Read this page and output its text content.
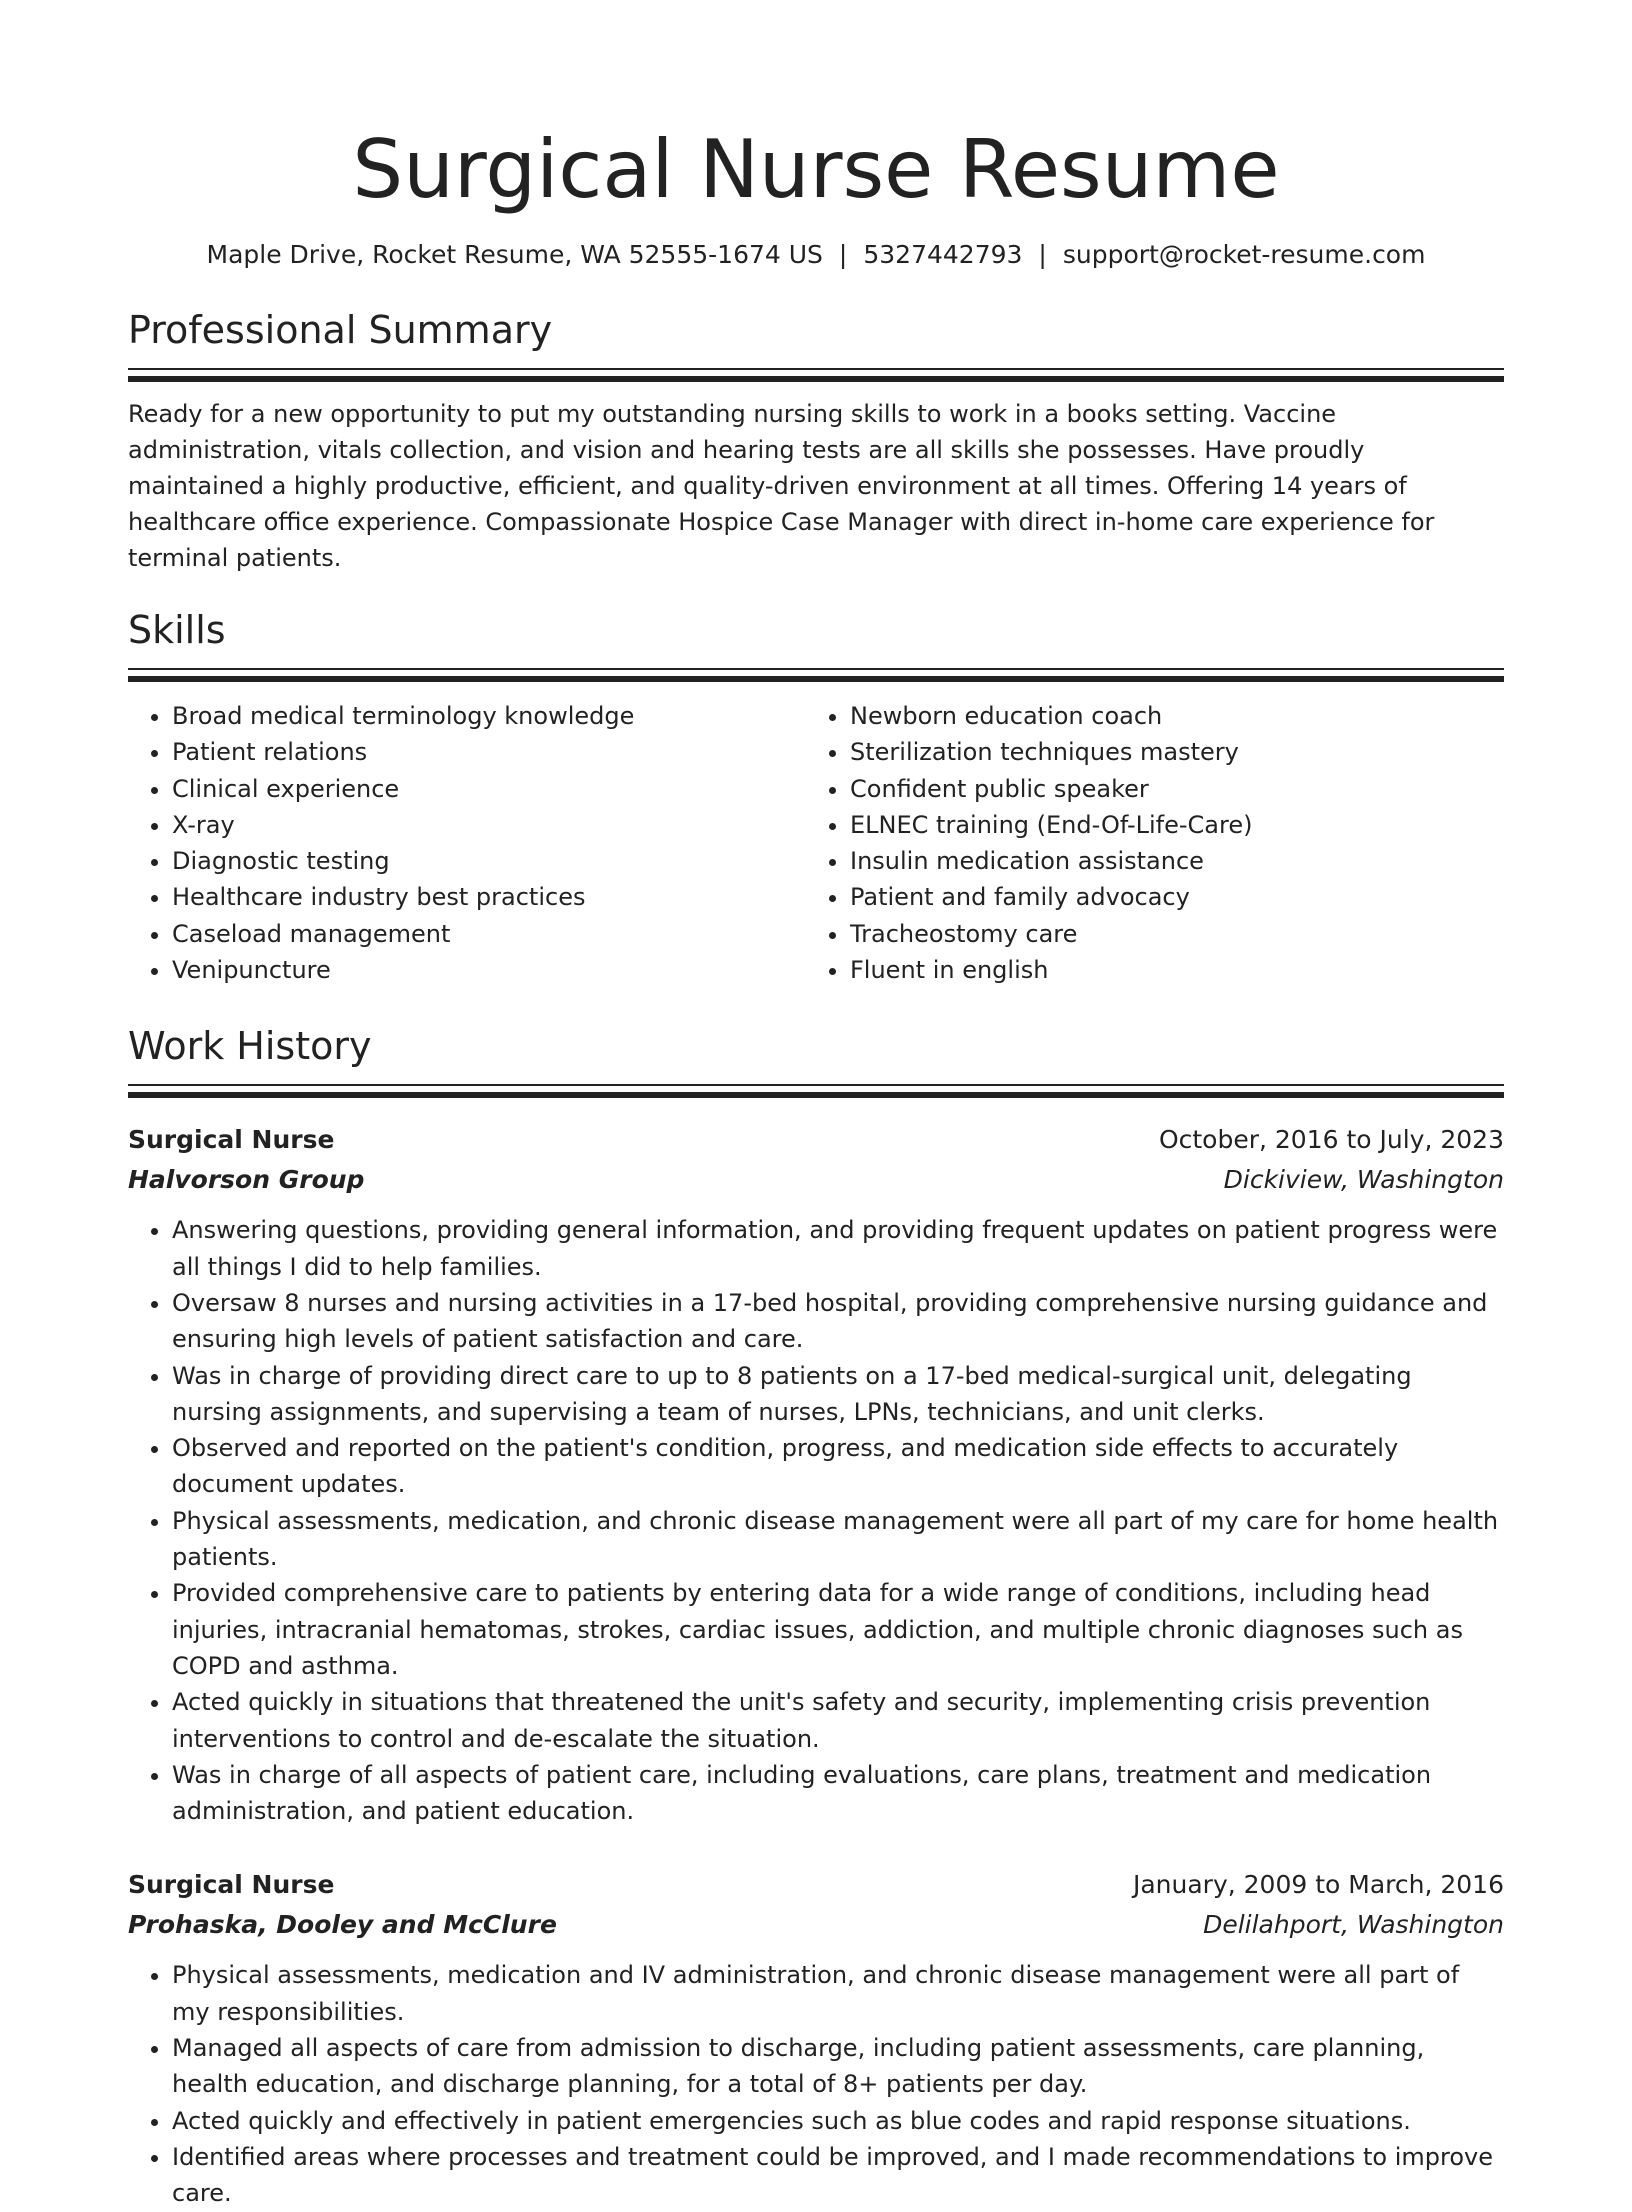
Surgical Nurse Resume
Maple Drive, Rocket Resume, WA 52555-1674 US | 5327442793 | support@rocket-resume.com
Professional Summary

Ready for a new opportunity to put my outstanding nursing skills to work in a books setting. Vaccine administration, vitals collection, and vision and hearing tests are all skills she possesses. Have proudly maintained a highly productive, efficient, and quality-driven environment at all times. Offering 14 years of healthcare office experience. Compassionate Hospice Case Manager with direct in-home care experience for terminal patients.

Skills
• Broad medical terminology knowledge
• Patient relations
• Clinical experience
• X-ray
• Diagnostic testing
• Healthcare industry best practices
• Caseload management
• Venipuncture
• Newborn education coach
• Sterilization techniques mastery
• Confident public speaker
• ELNEC training (End-Of-Life-Care)
• Insulin medication assistance
• Patient and family advocacy
• Tracheostomy care
• Fluent in english
Work History
Surgical Nurse	October, 2016 to July, 2023
Halvorson Group	Dickiview, Washington
• Answering questions, providing general information, and providing frequent updates on patient progress were all things I did to help families.
• Oversaw 8 nurses and nursing activities in a 17-bed hospital, providing comprehensive nursing guidance and ensuring high levels of patient satisfaction and care.
• Was in charge of providing direct care to up to 8 patients on a 17-bed medical-surgical unit, delegating nursing assignments, and supervising a team of nurses, LPNs, technicians, and unit clerks.
• Observed and reported on the patient's condition, progress, and medication side effects to accurately document updates.
• Physical assessments, medication, and chronic disease management were all part of my care for home health patients.
• Provided comprehensive care to patients by entering data for a wide range of conditions, including head injuries, intracranial hematomas, strokes, cardiac issues, addiction, and multiple chronic diagnoses such as COPD and asthma.
• Acted quickly in situations that threatened the unit's safety and security, implementing crisis prevention interventions to control and de-escalate the situation.
• Was in charge of all aspects of patient care, including evaluations, care plans, treatment and medication administration, and patient education.
Surgical Nurse	January, 2009 to March, 2016
Prohaska, Dooley and McClure	Delilahport, Washington
• Physical assessments, medication and IV administration, and chronic disease management were all part of my responsibilities.
• Managed all aspects of care from admission to discharge, including patient assessments, care planning, health education, and discharge planning, for a total of 8+ patients per day.
• Acted quickly and effectively in patient emergencies such as blue codes and rapid response situations.
• Identified areas where processes and treatment could be improved, and I made recommendations to improve care.
